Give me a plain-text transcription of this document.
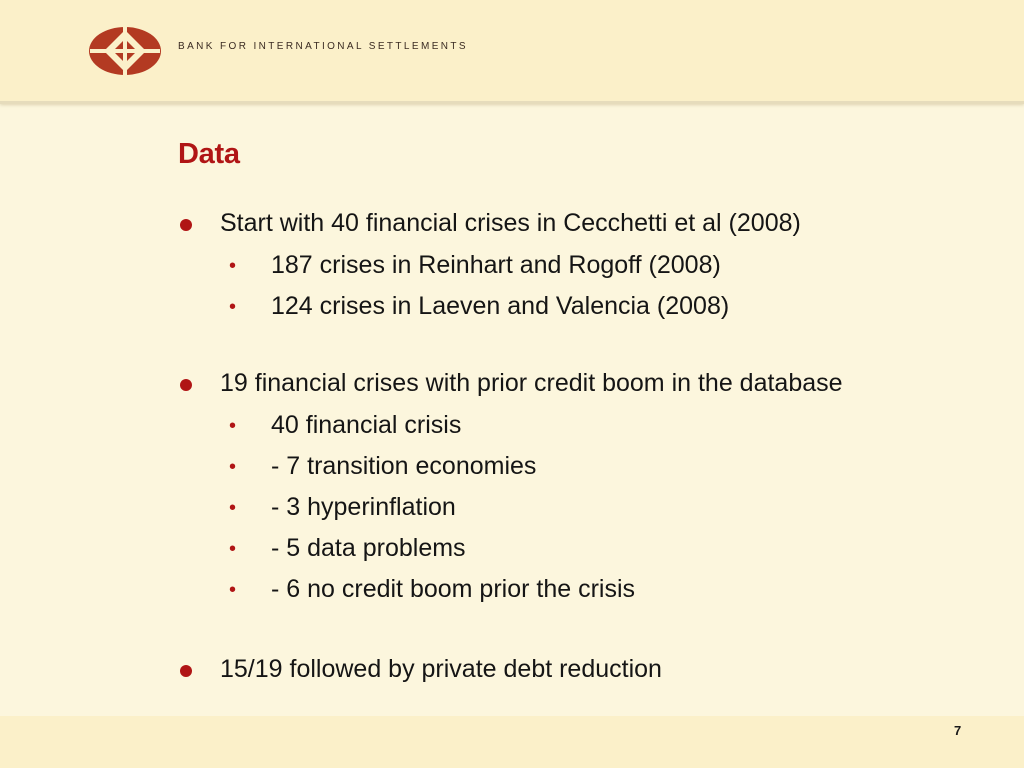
BANK FOR INTERNATIONAL SETTLEMENTS
Data
Start with 40 financial crises in Cecchetti et al (2008)
• 187 crises in Reinhart and Rogoff (2008)
• 124 crises in Laeven and Valencia (2008)
19 financial crises with prior credit boom in the database
• 40 financial crisis
• - 7 transition economies
• - 3 hyperinflation
• - 5 data problems
• - 6 no credit boom prior the crisis
15/19 followed by private debt reduction
7
